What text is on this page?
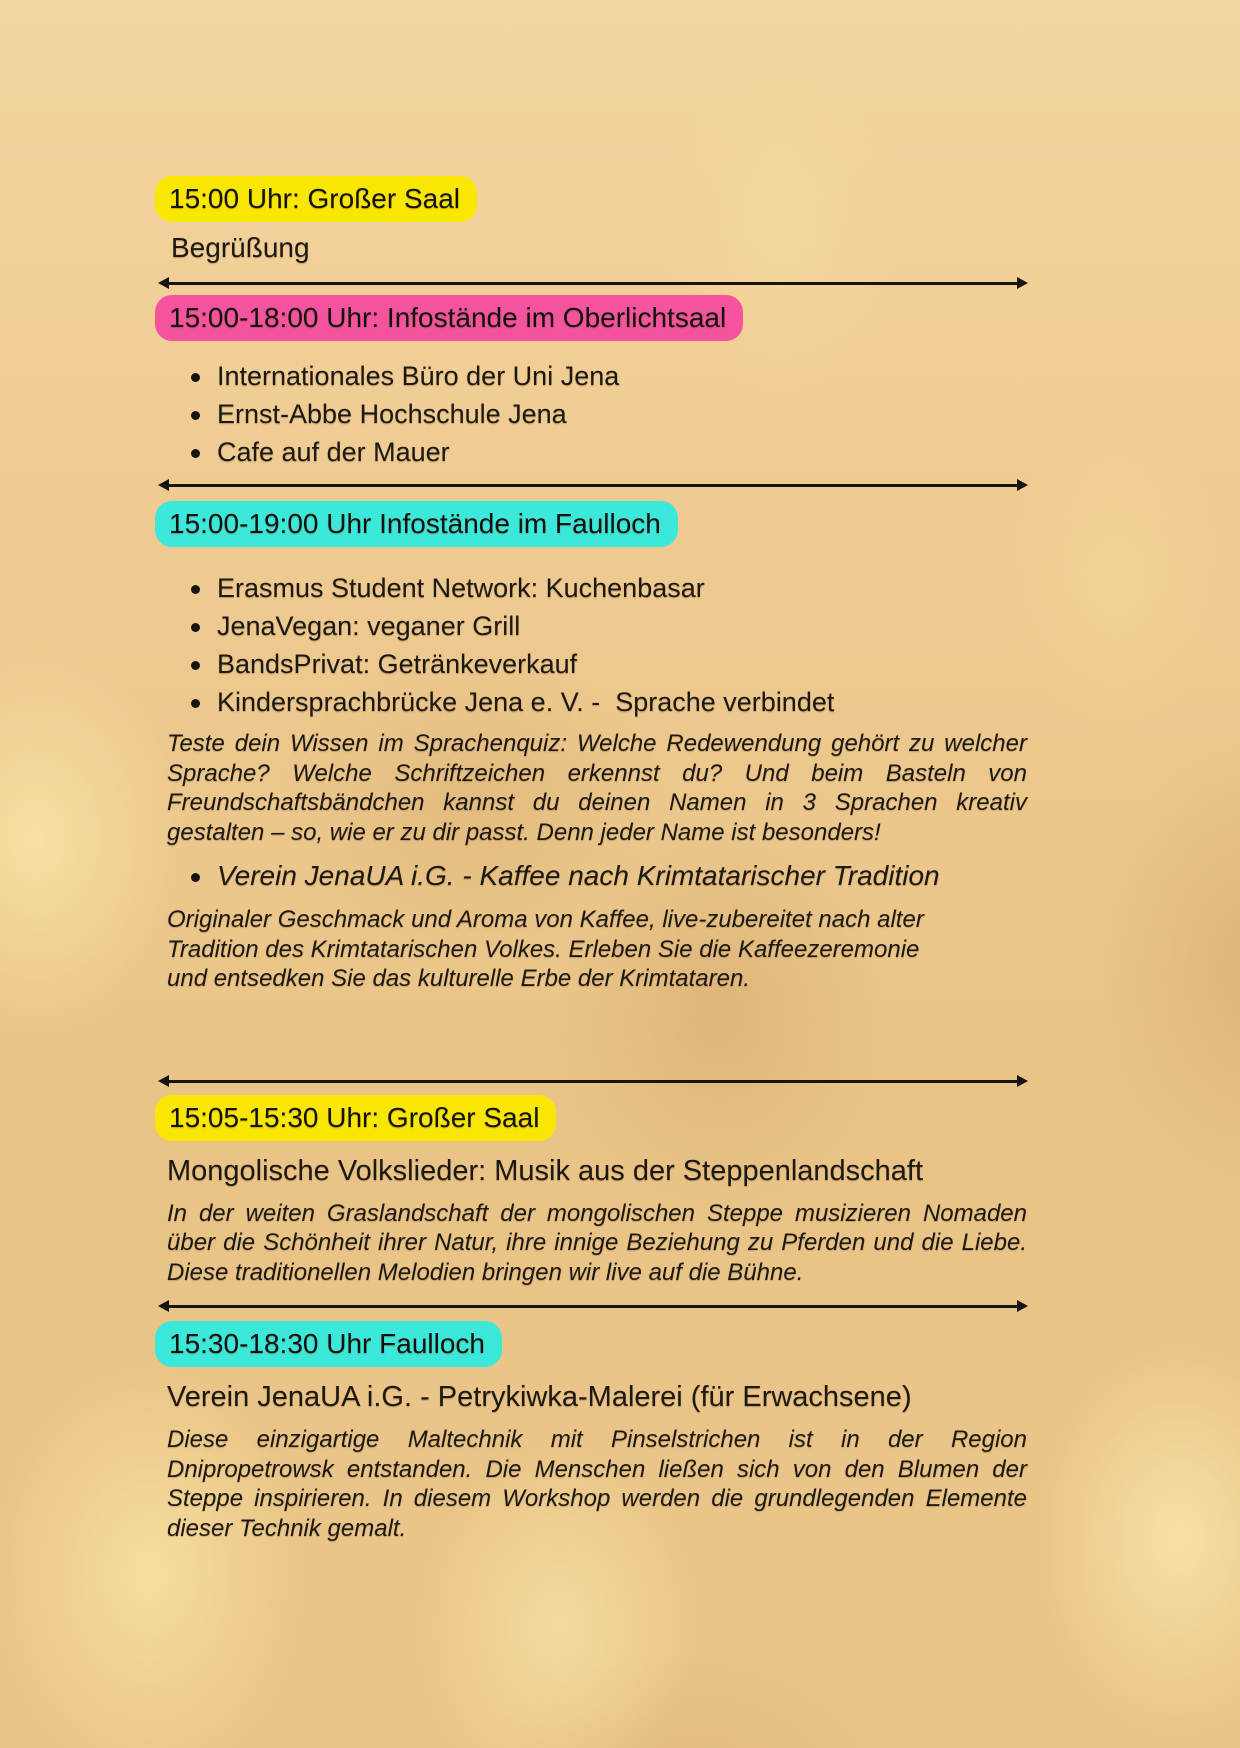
15:00 Uhr: Großer Saal
Begrüßung
15:00-18:00 Uhr: Infostände im Oberlichtsaal
Internationales Büro der Uni Jena
Ernst-Abbe Hochschule Jena
Cafe auf der Mauer
15:00-19:00 Uhr Infostände im Faulloch
Erasmus Student Network: Kuchenbasar
JenaVegan: veganer Grill
BandsPrivat: Getränkeverkauf
Kindersprachbrücke Jena e. V. -  Sprache verbindet

Teste dein Wissen im Sprachenquiz: Welche Redewendung gehört zu welcher Sprache? Welche Schriftzeichen erkennst du? Und beim Basteln von Freundschaftsbändchen kannst du deinen Namen in 3 Sprachen kreativ gestalten – so, wie er zu dir passt. Denn jeder Name ist besonders!

Verein JenaUA i.G. - Kaffee nach Krimtatarischer Tradition

Originaler Geschmack und Aroma von Kaffee, live-zubereitet nach alter Tradition des Krimtatarischen Volkes. Erleben Sie die Kaffeezeremonie und entsedken Sie das kulturelle Erbe der Krimtataren.

15:05-15:30 Uhr: Großer Saal
Mongolische Volkslieder: Musik aus der Steppenlandschaft

In der weiten Graslandschaft der mongolischen Steppe musizieren Nomaden über die Schönheit ihrer Natur, ihre innige Beziehung zu Pferden und die Liebe. Diese traditionellen Melodien bringen wir live auf die Bühne.

15:30-18:30 Uhr Faulloch
Verein JenaUA i.G. - Petrykiwka-Malerei (für Erwachsene)

Diese einzigartige Maltechnik mit Pinselstrichen ist in der Region Dnipropetrowsk entstanden. Die Menschen ließen sich von den Blumen der Steppe inspirieren. In diesem Workshop werden die grundlegenden Elemente dieser Technik gemalt.
